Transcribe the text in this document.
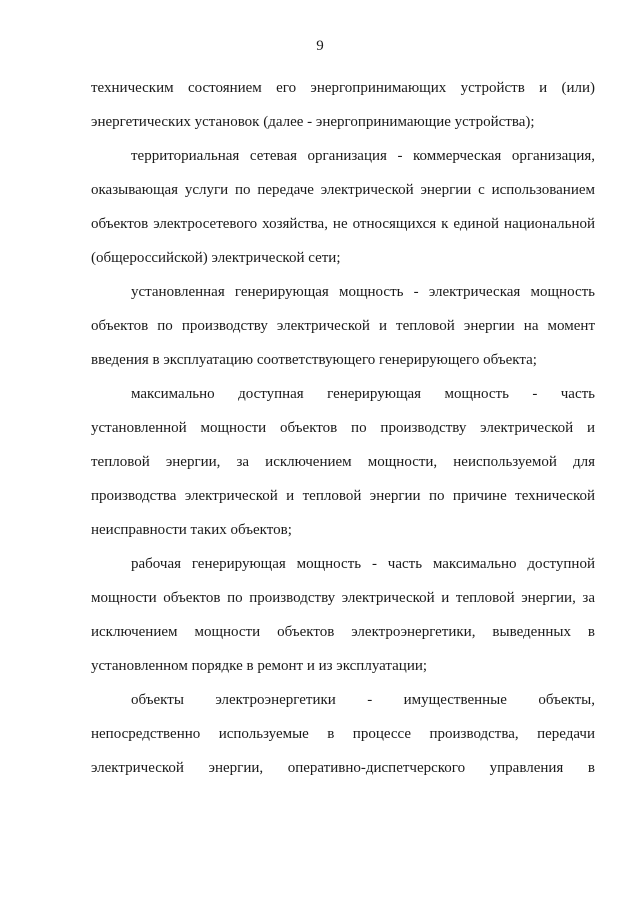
9
техническим состоянием его энергопринимающих устройств и (или)
энергетических установок (далее - энергопринимающие устройства);
территориальная сетевая организация - коммерческая организация,
оказывающая услуги по передаче электрической энергии с использованием
объектов электросетевого хозяйства, не относящихся к единой национальной
(общероссийской) электрической сети;
установленная генерирующая мощность - электрическая мощность
объектов по производству электрической и тепловой энергии на момент
введения в эксплуатацию соответствующего генерирующего объекта;
максимально доступная генерирующая мощность - часть
установленной мощности объектов по производству электрической и
тепловой энергии, за исключением мощности, неиспользуемой для
производства электрической и тепловой энергии по причине технической
неисправности таких объектов;
рабочая генерирующая мощность - часть максимально доступной
мощности объектов по производству электрической и тепловой энергии, за
исключением мощности объектов электроэнергетики, выведенных в
установленном порядке в ремонт и из эксплуатации;
объекты электроэнергетики - имущественные объекты,
непосредственно используемые в процессе производства, передачи
электрической энергии, оперативно-диспетчерского управления в
